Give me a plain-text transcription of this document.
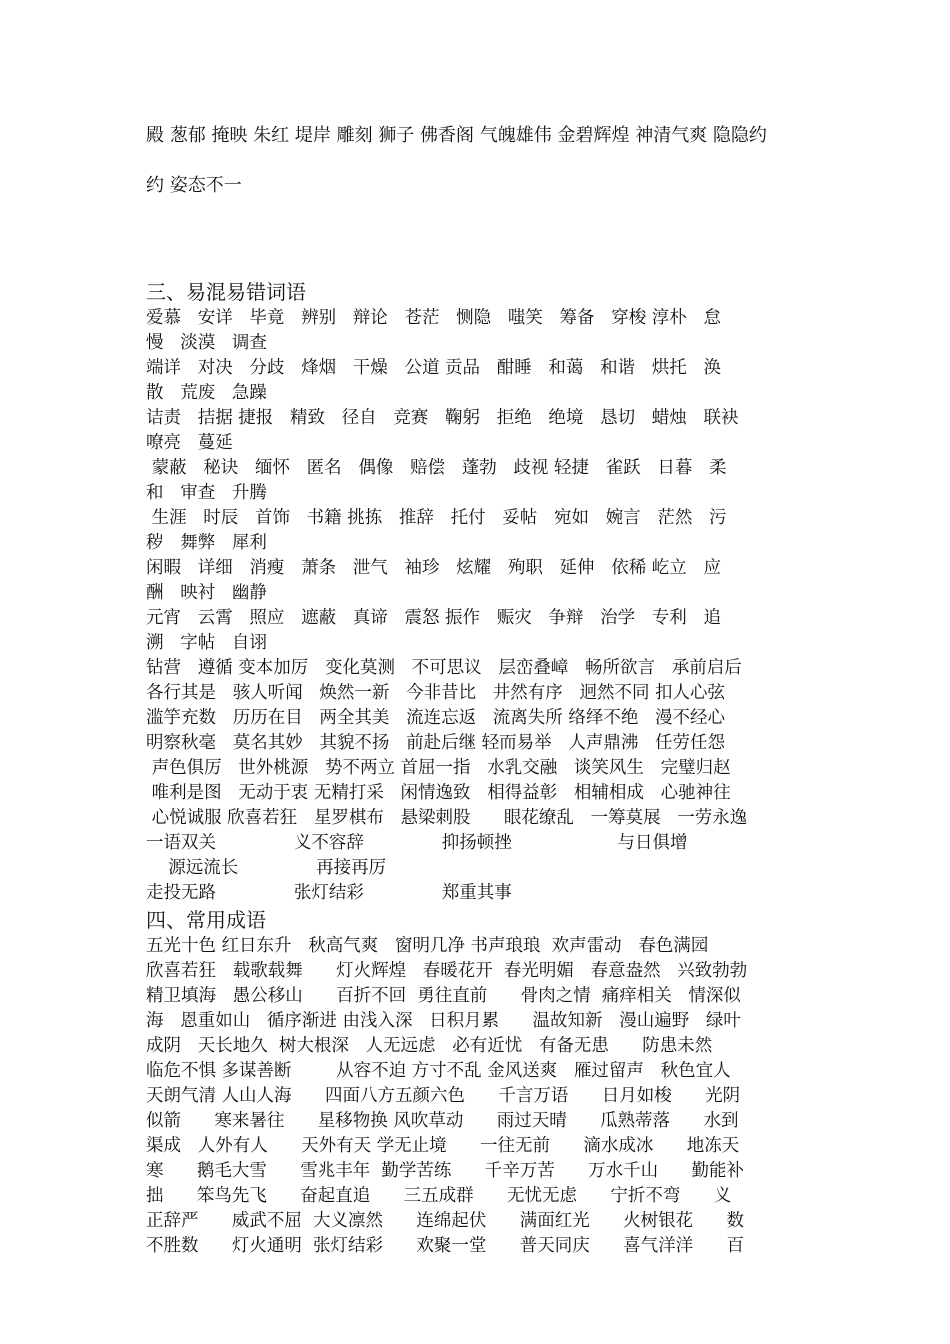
殿 葱郁 掩映 朱红 堤岸 雕刻 狮子 佛香阁 气魄雄伟 金碧辉煌 神清气爽 隐隐约
约 姿态不一
三、易混易错词语
爱慕   安详   毕竟   辨别   辩论   苍茫   恻隐   嗤笑   筹备   穿梭 淳朴   怠
慢   淡漠   调查
端详   对决   分歧   烽烟   干燥   公道 贡品   酣睡   和蔼   和谐   烘托   涣
散   荒废   急躁
诘责   拮据 捷报   精致   径自   竞赛   鞠躬   拒绝   绝境   恳切   蜡烛   联袂
嘹亮   蔓延
蒙蔽   秘诀   缅怀   匿名   偶像   赔偿   蓬勃   歧视 轻捷   雀跃   日暮   柔
和   审查   升腾
生涯   时辰   首饰   书籍 挑拣   推辞   托付   妥帖   宛如   婉言   茫然   污
秽   舞弊   犀利
闲暇   详细   消瘦   萧条   泄气   袖珍   炫耀   殉职   延伸   依稀 屹立   应
酬   映衬   幽静
元宵   云霄   照应   遮蔽   真谛   震怒 振作   赈灾   争辩   治学   专利   追
溯   字帖   自诩
钻营   遵循 变本加厉   变化莫测   不可思议   层峦叠嶂   畅所欲言   承前启后
各行其是   骇人听闻   焕然一新   今非昔比   井然有序   迥然不同 扣人心弦
滥竽充数   历历在目   两全其美   流连忘返   流离失所 络绎不绝   漫不经心
明察秋毫   莫名其妙   其貌不扬   前赴后继 轻而易举   人声鼎沸   任劳任怨
声色俱厉   世外桃源   势不两立 首屈一指   水乳交融   谈笑风生   完璧归赵
唯利是图   无动于衷 无精打采   闲情逸致   相得益彰   相辅相成   心驰神往
心悦诚服 欣喜若狂   星罗棋布   悬梁刺股      眼花缭乱   一筹莫展   一劳永逸
一语双关              义不容辞              抑扬顿挫                   与日俱增
源远流长              再接再厉
走投无路              张灯结彩              郑重其事
四、常用成语
五光十色 红日东升   秋高气爽   窗明几净 书声琅琅  欢声雷动   春色满园
欣喜若狂   载歌载舞      灯火辉煌   春暖花开  春光明媚   春意盎然   兴致勃勃
精卫填海   愚公移山      百折不回  勇往直前      骨肉之情  痛痒相关   情深似
海   恩重如山   循序渐进 由浅入深   日积月累      温故知新   漫山遍野   绿叶
成阴   天长地久  树大根深   人无远虑   必有近忧   有备无患      防患未然
临危不惧 多谋善断        从容不迫 方寸不乱 金风送爽   雁过留声   秋色宜人
天朗气清 人山人海      四面八方五颜六色      千言万语      日月如梭      光阴
似箭      寒来暑往      星移物换 风吹草动      雨过天晴      瓜熟蒂落      水到
渠成   人外有人      天外有天 学无止境      一往无前      滴水成冰      地冻天
寒      鹅毛大雪      雪兆丰年  勤学苦练      千辛万苦      万水千山      勤能补
拙      笨鸟先飞      奋起直追      三五成群      无忧无虑      宁折不弯      义
正辞严      威武不屈  大义凛然      连绵起伏      满面红光      火树银花      数
不胜数      灯火通明  张灯结彩      欢聚一堂      普天同庆      喜气洋洋      百
